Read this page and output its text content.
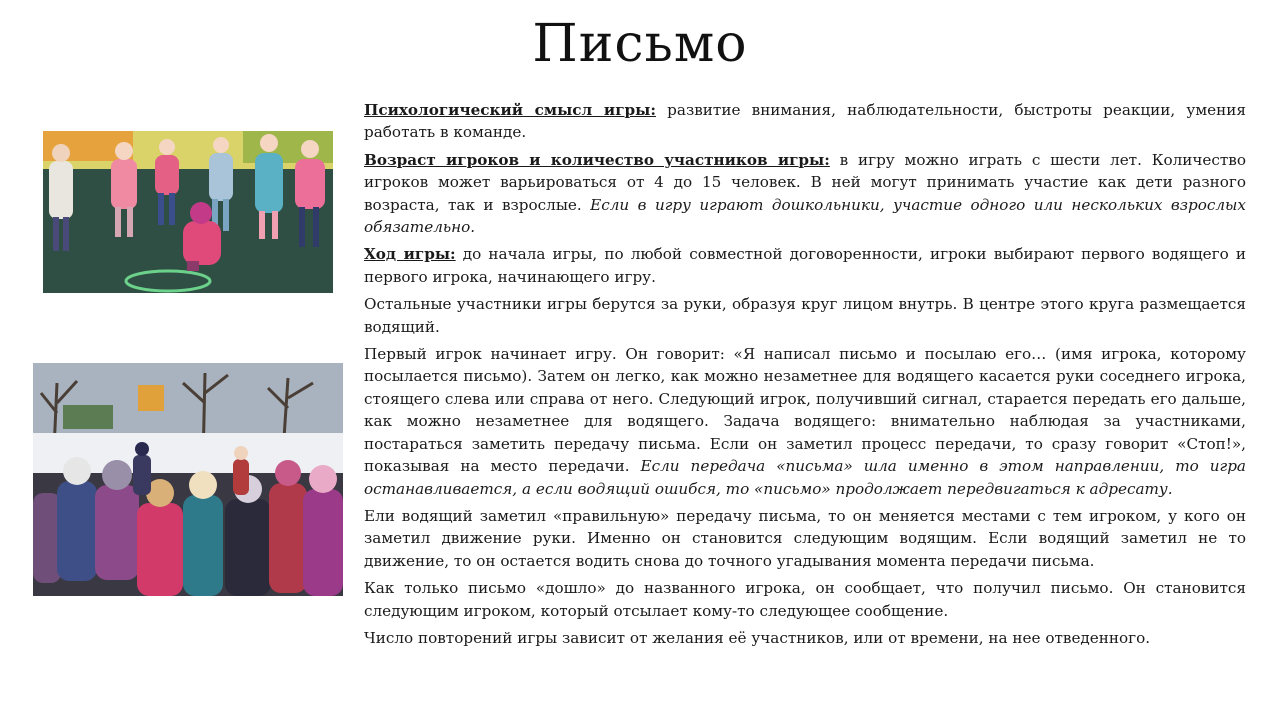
Письмо

Психологический смысл игры: развитие внимания, наблюдательности, быстроты реакции, умения работать в команде.

Возраст игроков и количество участников игры: в игру можно играть с шести лет. Количество игроков может варьироваться от 4 до 15 человек. В ней могут принимать участие как дети разного возраста, так и взрослые. Если в игру играют дошкольники, участие одного или нескольких взрослых обязательно.

Ход игры: до начала игры, по любой совместной договоренности, игроки выбирают первого водящего и первого игрока, начинающего игру.

Остальные участники игры берутся за руки, образуя круг лицом внутрь. В центре этого круга размещается водящий.

Первый игрок начинает игру. Он говорит: «Я написал письмо и посылаю его… (имя игрока, которому посылается письмо). Затем он легко, как можно незаметнее для водящего касается руки соседнего игрока, стоящего слева или справа от него. Следующий игрок, получивший сигнал, старается передать его дальше, как можно незаметнее для водящего. Задача водящего: внимательно наблюдая за участниками, постараться заметить передачу письма. Если он заметил процесс передачи, то сразу говорит «Стоп!», показывая на место передачи. Если передача «письма» шла именно в этом направлении, то игра останавливается, а если водящий ошибся, то «письмо» продолжает передвигаться к адресату.

Ели водящий заметил «правильную» передачу письма, то он меняется местами с тем игроком, у кого он заметил движение руки. Именно он становится следующим водящим. Если водящий заметил не то движение, то он остается водить снова до точного угадывания момента передачи письма.

Как только письмо «дошло» до названного игрока, он сообщает, что получил письмо. Он становится следующим игроком, который отсылает кому-то следующее сообщение.

Число повторений игры зависит от желания её участников, или от времени, на нее отведенного.
